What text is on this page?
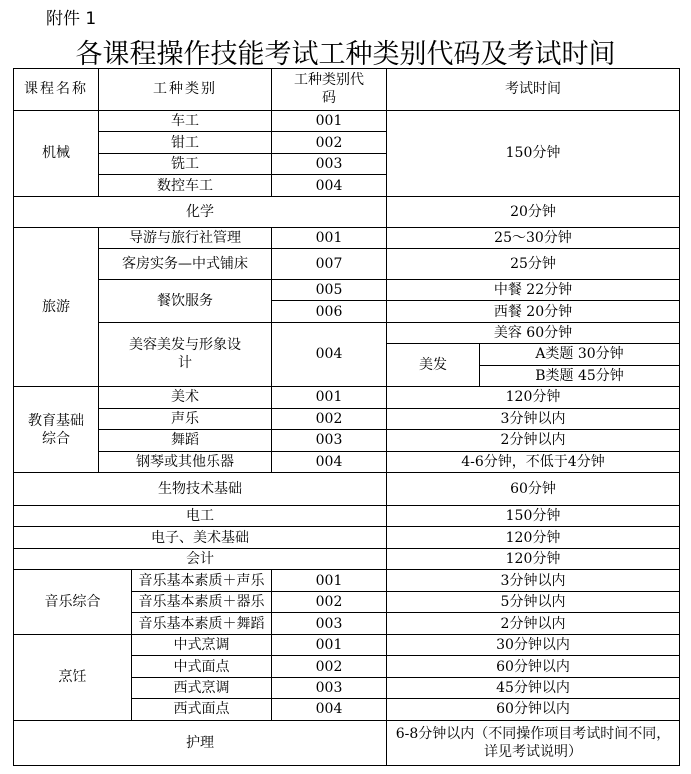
附件 1
各课程操作技能考试工种类别代码及考试时间
课程名称	工种类别		工种类别代码	考试时间	
机械	车工		001	150分钟	
	钳工		002		
	铣工		003		
	数控车工		004		
化学				20分钟	
旅游	导游与旅行社管理		001	25～30分钟	
	客房实务—中式铺床		007	25分钟	
	餐饮服务		005	中餐 22分钟	
			006	西餐 20分钟	
	美容美发与形象设计		004	美容 60分钟	
				美发	A类题 30分钟
					B类题 45分钟
教育基础综合	美术		001	120分钟	
	声乐		002	3分钟以内	
	舞蹈		003	2分钟以内	
	钢琴或其他乐器		004	4-6分钟，不低于4分钟	
生物技术基础				60分钟	
电工				150分钟	
电子、美术基础				120分钟	
会计				120分钟	
音乐综合		音乐基本素质＋声乐	001	3分钟以内	
		音乐基本素质＋器乐	002	5分钟以内	
		音乐基本素质＋舞蹈	003	2分钟以内	
烹饪		中式烹调	001	30分钟以内	
		中式面点	002	60分钟以内	
		西式烹调	003	45分钟以内	
		西式面点	004	60分钟以内	
护理				6-8分钟以内（不同操作项目考试时间不同，详见考试说明）	
